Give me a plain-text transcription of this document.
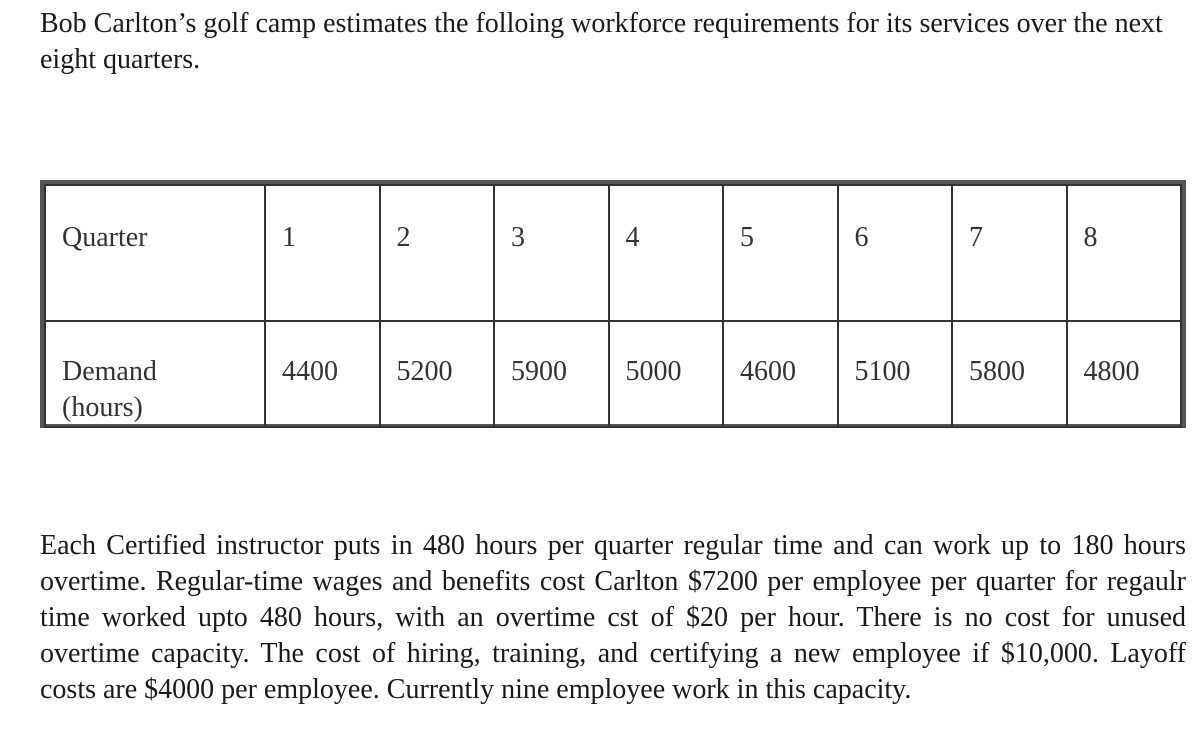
Bob Carlton’s golf camp estimates the folloing workforce requirements for its services over the next eight quarters.

Quarter	1	2	3	4	5	6	7	8
Demand
(hours)	4400	5200	5900	5000	4600	5100	5800	4800

Each Certified instructor puts in 480 hours per quarter regular time and can work up to 180 hours overtime. Regular-time wages and benefits cost Carlton $7200 per employee per quarter for regaulr time worked upto 480 hours, with an overtime cst of $20 per hour. There is no cost for unused overtime capacity. The cost of hiring, training, and certifying a new employee if $10,000. Layoff costs are $4000 per employee. Currently nine employee work in this capacity.
